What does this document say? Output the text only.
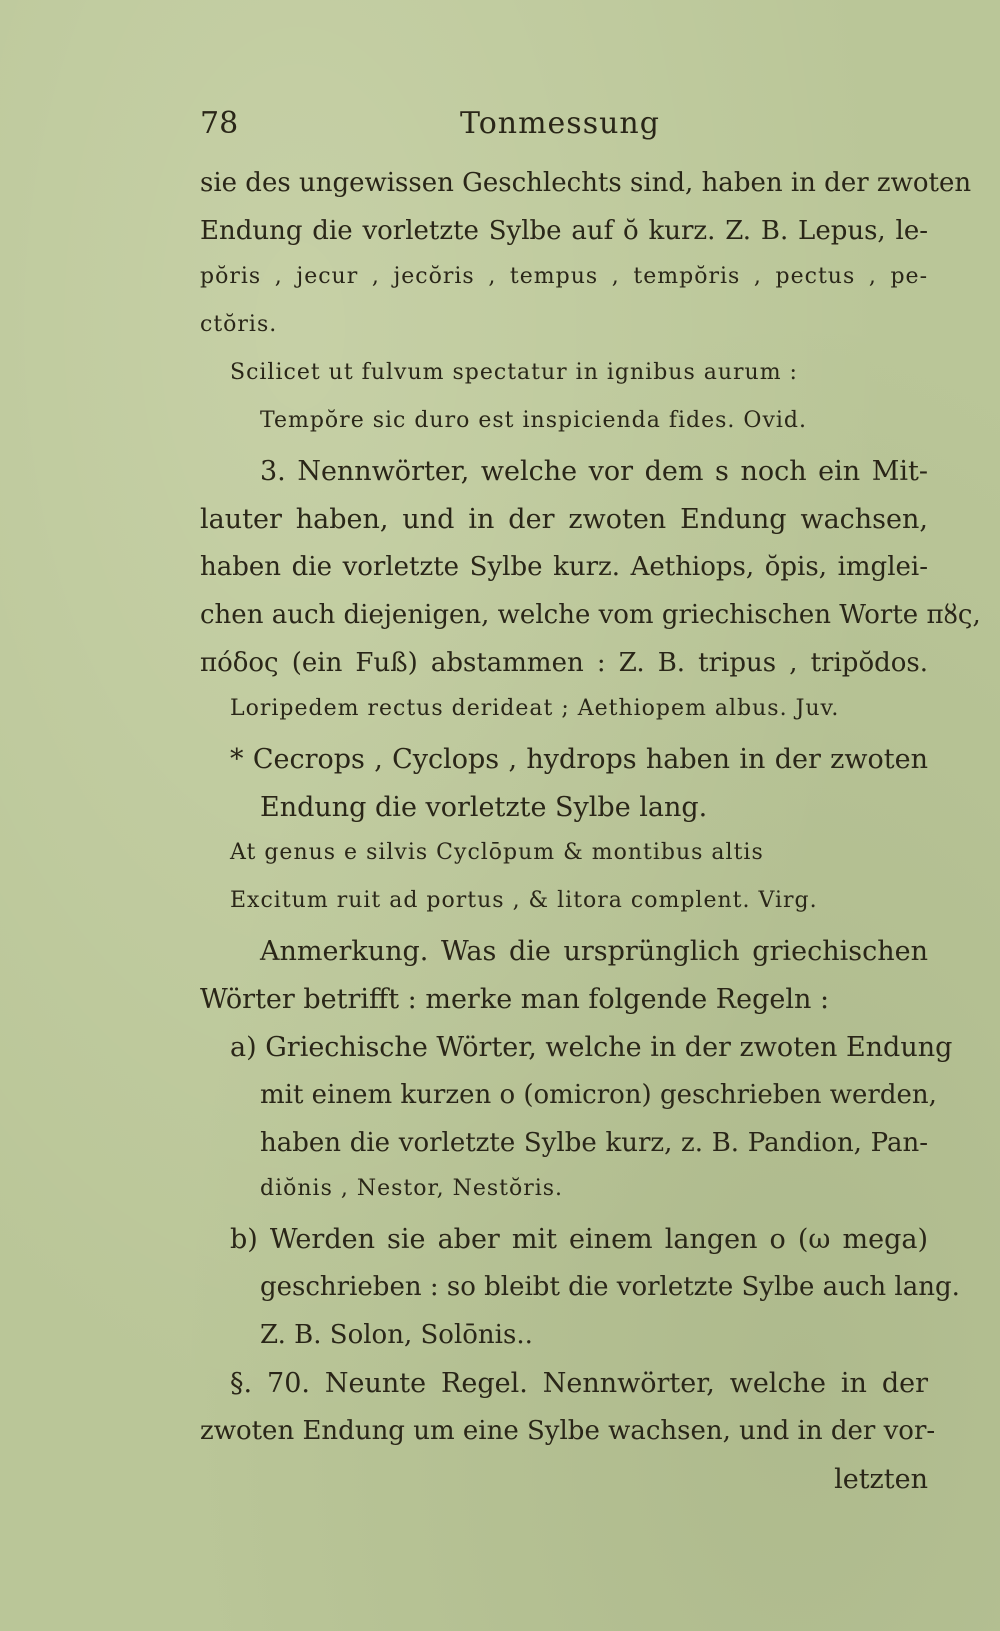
78	Tonmessung
sie des ungewissen Geschlechts sind, haben in der zwoten
Endung die vorletzte Sylbe auf ŏ kurz. Z. B. Lepus, le-
pŏris , jecur , jecŏris , tempus , tempŏris , pectus , pe-
ctŏris.
Scilicet ut fulvum spectatur in ignibus aurum :
Tempŏre sic duro est inspicienda fides. Ovid.
3. Nennwörter, welche vor dem s noch ein Mit-
lauter haben, und in der zwoten Endung wachsen,
haben die vorletzte Sylbe kurz. Aethiops, ŏpis, imglei-
chen auch diejenigen, welche vom griechischen Worte πȣς,
πόδος (ein Fuß) abstammen : Z. B. tripus , tripŏdos.
Loripedem rectus derideat ; Aethiopem albus. Juv.
* Cecrops , Cyclops , hydrops haben in der zwoten
Endung die vorletzte Sylbe lang.
At genus e silvis Cyclōpum & montibus altis
Excitum ruit ad portus , & litora complent. Virg.
Anmerkung. Was die ursprünglich griechischen
Wörter betrifft : merke man folgende Regeln :
a) Griechische Wörter, welche in der zwoten Endung
mit einem kurzen o (omicron) geschrieben werden,
haben die vorletzte Sylbe kurz, z. B. Pandion, Pan-
diŏnis , Nestor, Nestŏris.
b) Werden sie aber mit einem langen o (ω mega)
geschrieben : so bleibt die vorletzte Sylbe auch lang.
Z. B. Solon, Solōnis..
§. 70. Neunte Regel. Nennwörter, welche in der
zwoten Endung um eine Sylbe wachsen, und in der vor-
letzten
